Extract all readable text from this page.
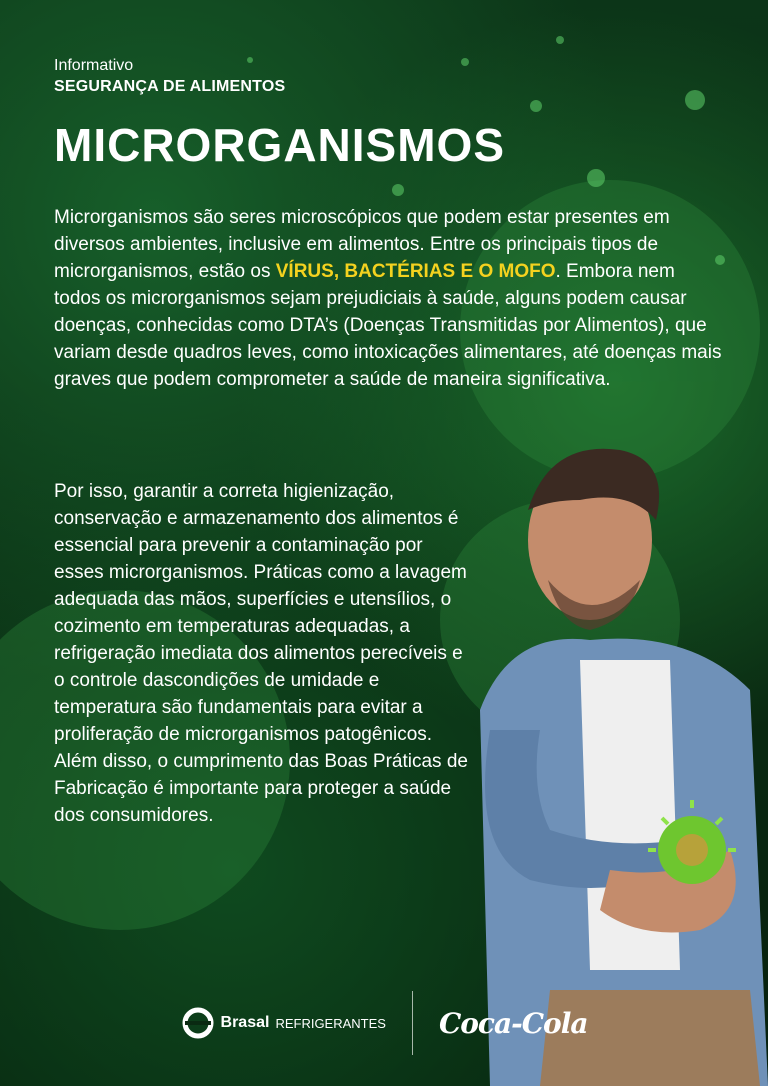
Informativo
SEGURANÇA DE ALIMENTOS
MICRORGANISMOS
Microrganismos são seres microscópicos que podem estar presentes em diversos ambientes, inclusive em alimentos. Entre os principais tipos de microrganismos, estão os VÍRUS, BACTÉRIAS E O MOFO. Embora nem todos os microrganismos sejam prejudiciais à saúde, alguns podem causar doenças, conhecidas como DTA’s (Doenças Transmitidas por Alimentos), que variam desde quadros leves, como intoxicações alimentares, até doenças mais graves que podem comprometer a saúde de maneira significativa.
Por isso, garantir a correta higienização, conservação e armazenamento dos alimentos é essencial para prevenir a contaminação por esses microrganismos. Práticas como a lavagem adequada das mãos, superfícies e utensílios, o cozimento em temperaturas adequadas, a refrigeração imediata dos alimentos perecíveis e o controle dascondições de umidade e temperatura são fundamentais para evitar a proliferação de microrganismos patogênicos. Além disso, o cumprimento das Boas Práticas de Fabricação é importante para proteger a saúde dos consumidores.
Brasal REFRIGERANTES Coca-Cola
